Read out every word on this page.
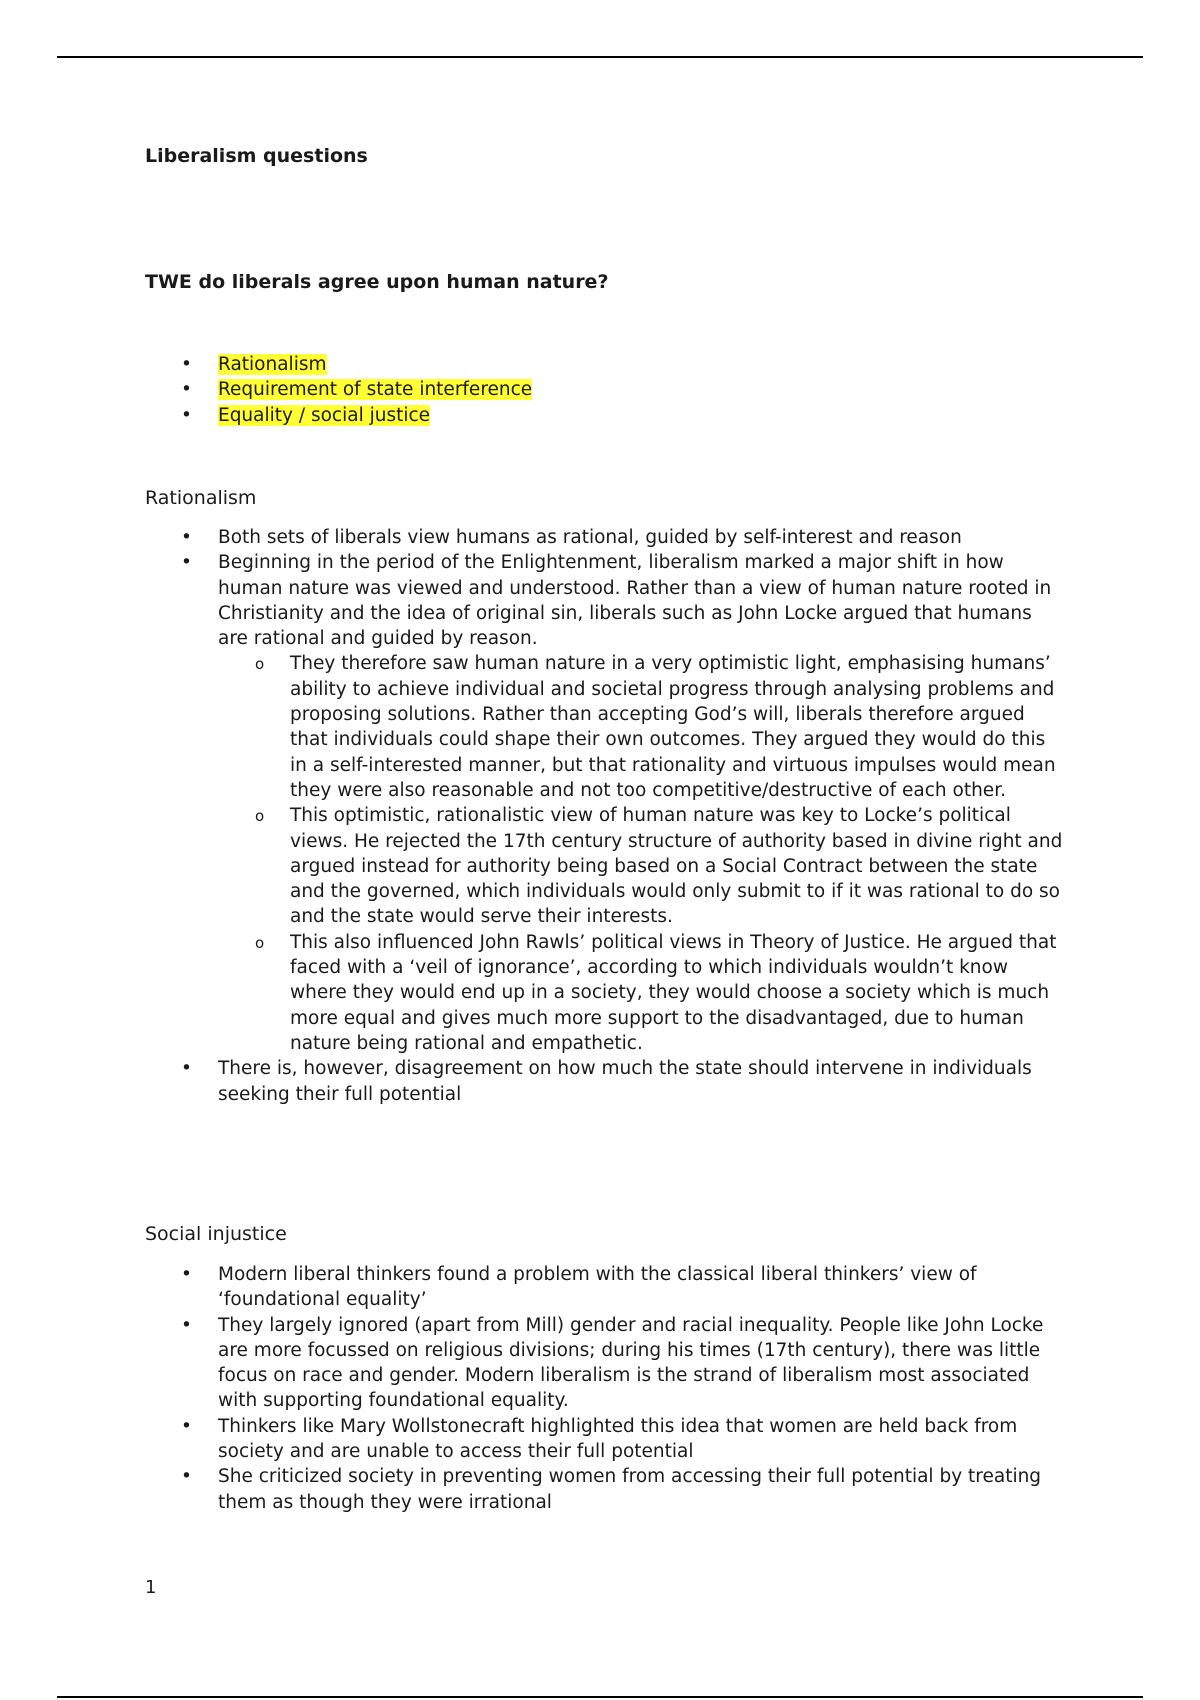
Liberalism questions
TWE do liberals agree upon human nature?
• Rationalism
• Requirement of state interference
• Equality / social justice
Rationalism
• Both sets of liberals view humans as rational, guided by self-interest and reason
• Beginning in the period of the Enlightenment, liberalism marked a major shift in how human nature was viewed and understood. Rather than a view of human nature rooted in Christianity and the idea of original sin, liberals such as John Locke argued that humans are rational and guided by reason.
o They therefore saw human nature in a very optimistic light, emphasising humans’ ability to achieve individual and societal progress through analysing problems and proposing solutions. Rather than accepting God’s will, liberals therefore argued that individuals could shape their own outcomes. They argued they would do this in a self-interested manner, but that rationality and virtuous impulses would mean they were also reasonable and not too competitive/destructive of each other.
o This optimistic, rationalistic view of human nature was key to Locke’s political views. He rejected the 17th century structure of authority based in divine right and argued instead for authority being based on a Social Contract between the state and the governed, which individuals would only submit to if it was rational to do so and the state would serve their interests.
o This also influenced John Rawls’ political views in Theory of Justice. He argued that faced with a ‘veil of ignorance’, according to which individuals wouldn’t know where they would end up in a society, they would choose a society which is much more equal and gives much more support to the disadvantaged, due to human nature being rational and empathetic.
• There is, however, disagreement on how much the state should intervene in individuals seeking their full potential
Social injustice
• Modern liberal thinkers found a problem with the classical liberal thinkers’ view of ‘foundational equality’
• They largely ignored (apart from Mill) gender and racial inequality. People like John Locke are more focussed on religious divisions; during his times (17th century), there was little focus on race and gender. Modern liberalism is the strand of liberalism most associated with supporting foundational equality.
• Thinkers like Mary Wollstonecraft highlighted this idea that women are held back from society and are unable to access their full potential
• She criticized society in preventing women from accessing their full potential by treating them as though they were irrational

1
